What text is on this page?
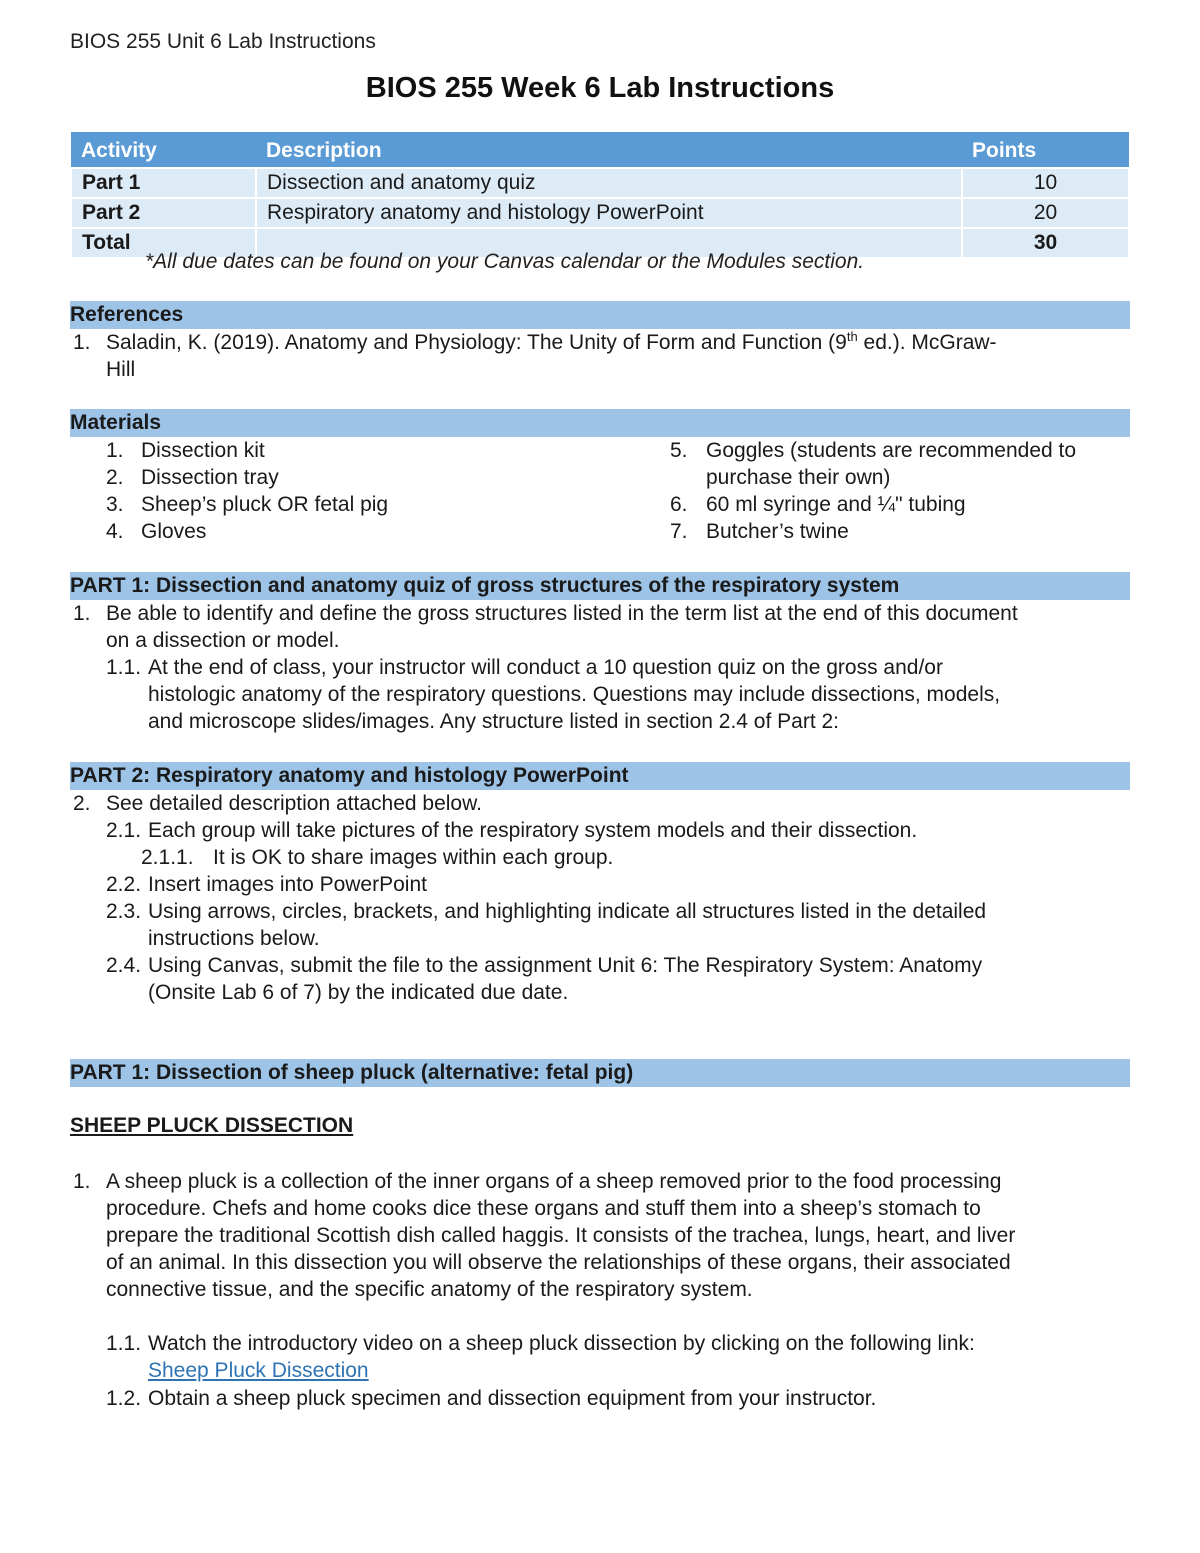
BIOS 255 Unit 6 Lab Instructions
BIOS 255 Week 6 Lab Instructions
Activity	Description	Points
Part 1	Dissection and anatomy quiz	10
Part 2	Respiratory anatomy and histology PowerPoint	20
Total		30
*All due dates can be found on your Canvas calendar or the Modules section.
References
1. Saladin, K. (2019). Anatomy and Physiology: The Unity of Form and Function (9th ed.). McGraw-
Hill
Materials
1. Dissection kit
2. Dissection tray
3. Sheep’s pluck OR fetal pig
4. Gloves
5. Goggles (students are recommended to
purchase their own)
6. 60 ml syringe and ¼" tubing
7. Butcher’s twine
PART 1: Dissection and anatomy quiz of gross structures of the respiratory system
1. Be able to identify and define the gross structures listed in the term list at the end of this document
on a dissection or model.
1.1. At the end of class, your instructor will conduct a 10 question quiz on the gross and/or
histologic anatomy of the respiratory questions. Questions may include dissections, models,
and microscope slides/images. Any structure listed in section 2.4 of Part 2:
PART 2: Respiratory anatomy and histology PowerPoint
2. See detailed description attached below.
2.1. Each group will take pictures of the respiratory system models and their dissection.
2.1.1. It is OK to share images within each group.
2.2. Insert images into PowerPoint
2.3. Using arrows, circles, brackets, and highlighting indicate all structures listed in the detailed
instructions below.
2.4. Using Canvas, submit the file to the assignment Unit 6: The Respiratory System: Anatomy
(Onsite Lab 6 of 7) by the indicated due date.
PART 1: Dissection of sheep pluck (alternative: fetal pig)
SHEEP PLUCK DISSECTION
1. A sheep pluck is a collection of the inner organs of a sheep removed prior to the food processing
procedure. Chefs and home cooks dice these organs and stuff them into a sheep’s stomach to
prepare the traditional Scottish dish called haggis. It consists of the trachea, lungs, heart, and liver
of an animal. In this dissection you will observe the relationships of these organs, their associated
connective tissue, and the specific anatomy of the respiratory system.
1.1. Watch the introductory video on a sheep pluck dissection by clicking on the following link:
Sheep Pluck Dissection
1.2. Obtain a sheep pluck specimen and dissection equipment from your instructor.
